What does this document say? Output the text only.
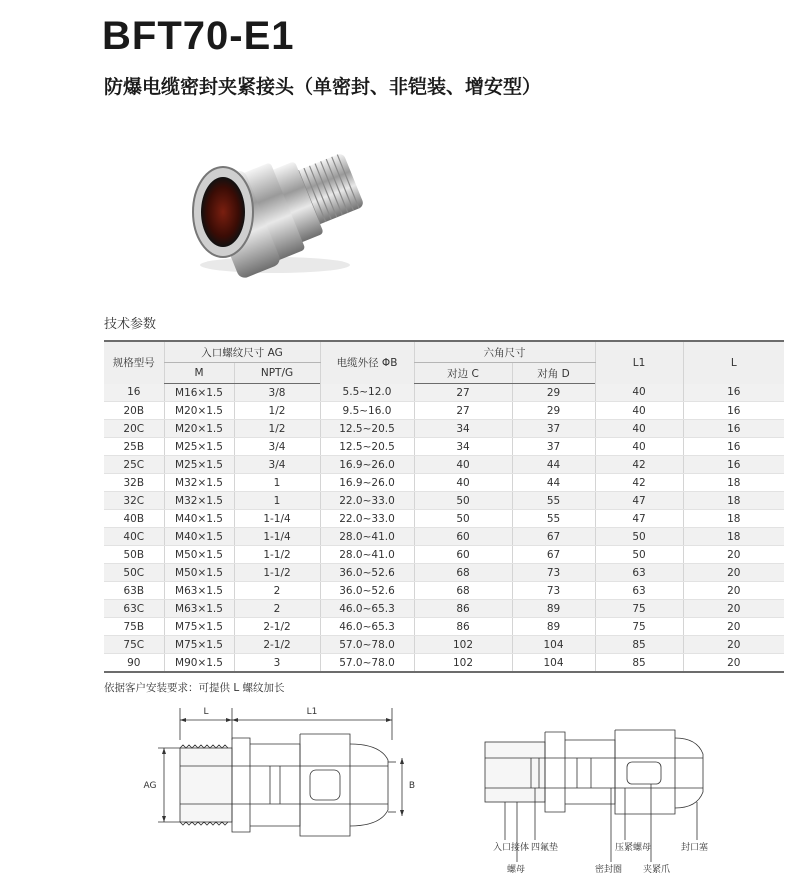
BFT70-E1
防爆电缆密封夹紧接头（单密封、非铠装、增安型）
技术参数
规格型号	入口螺纹尺寸 AG		电缆外径 ΦB	六角尺寸		L1	L
	M	NPT/G		对边 C	对角 D		
16	M16×1.5	3/8	5.5~12.0	27	29	40	16
20B	M20×1.5	1/2	9.5~16.0	27	29	40	16
20C	M20×1.5	1/2	12.5~20.5	34	37	40	16
25B	M25×1.5	3/4	12.5~20.5	34	37	40	16
25C	M25×1.5	3/4	16.9~26.0	40	44	42	16
32B	M32×1.5	1	16.9~26.0	40	44	42	18
32C	M32×1.5	1	22.0~33.0	50	55	47	18
40B	M40×1.5	1-1/4	22.0~33.0	50	55	47	18
40C	M40×1.5	1-1/4	28.0~41.0	60	67	50	18
50B	M50×1.5	1-1/2	28.0~41.0	60	67	50	20
50C	M50×1.5	1-1/2	36.0~52.6	68	73	63	20
63B	M63×1.5	2	36.0~52.6	68	73	63	20
63C	M63×1.5	2	46.0~65.3	86	89	75	20
75B	M75×1.5	2-1/2	46.0~65.3	86	89	75	20
75C	M75×1.5	2-1/2	57.0~78.0	102	104	85	20
90	M90×1.5	3	57.0~78.0	102	104	85	20
依据客户安装要求：可提供 L 螺纹加长
L	L1
AG	B
入口接体 四氟垫
螺母	密封圈
压紧螺母
夹紧爪
封口塞
